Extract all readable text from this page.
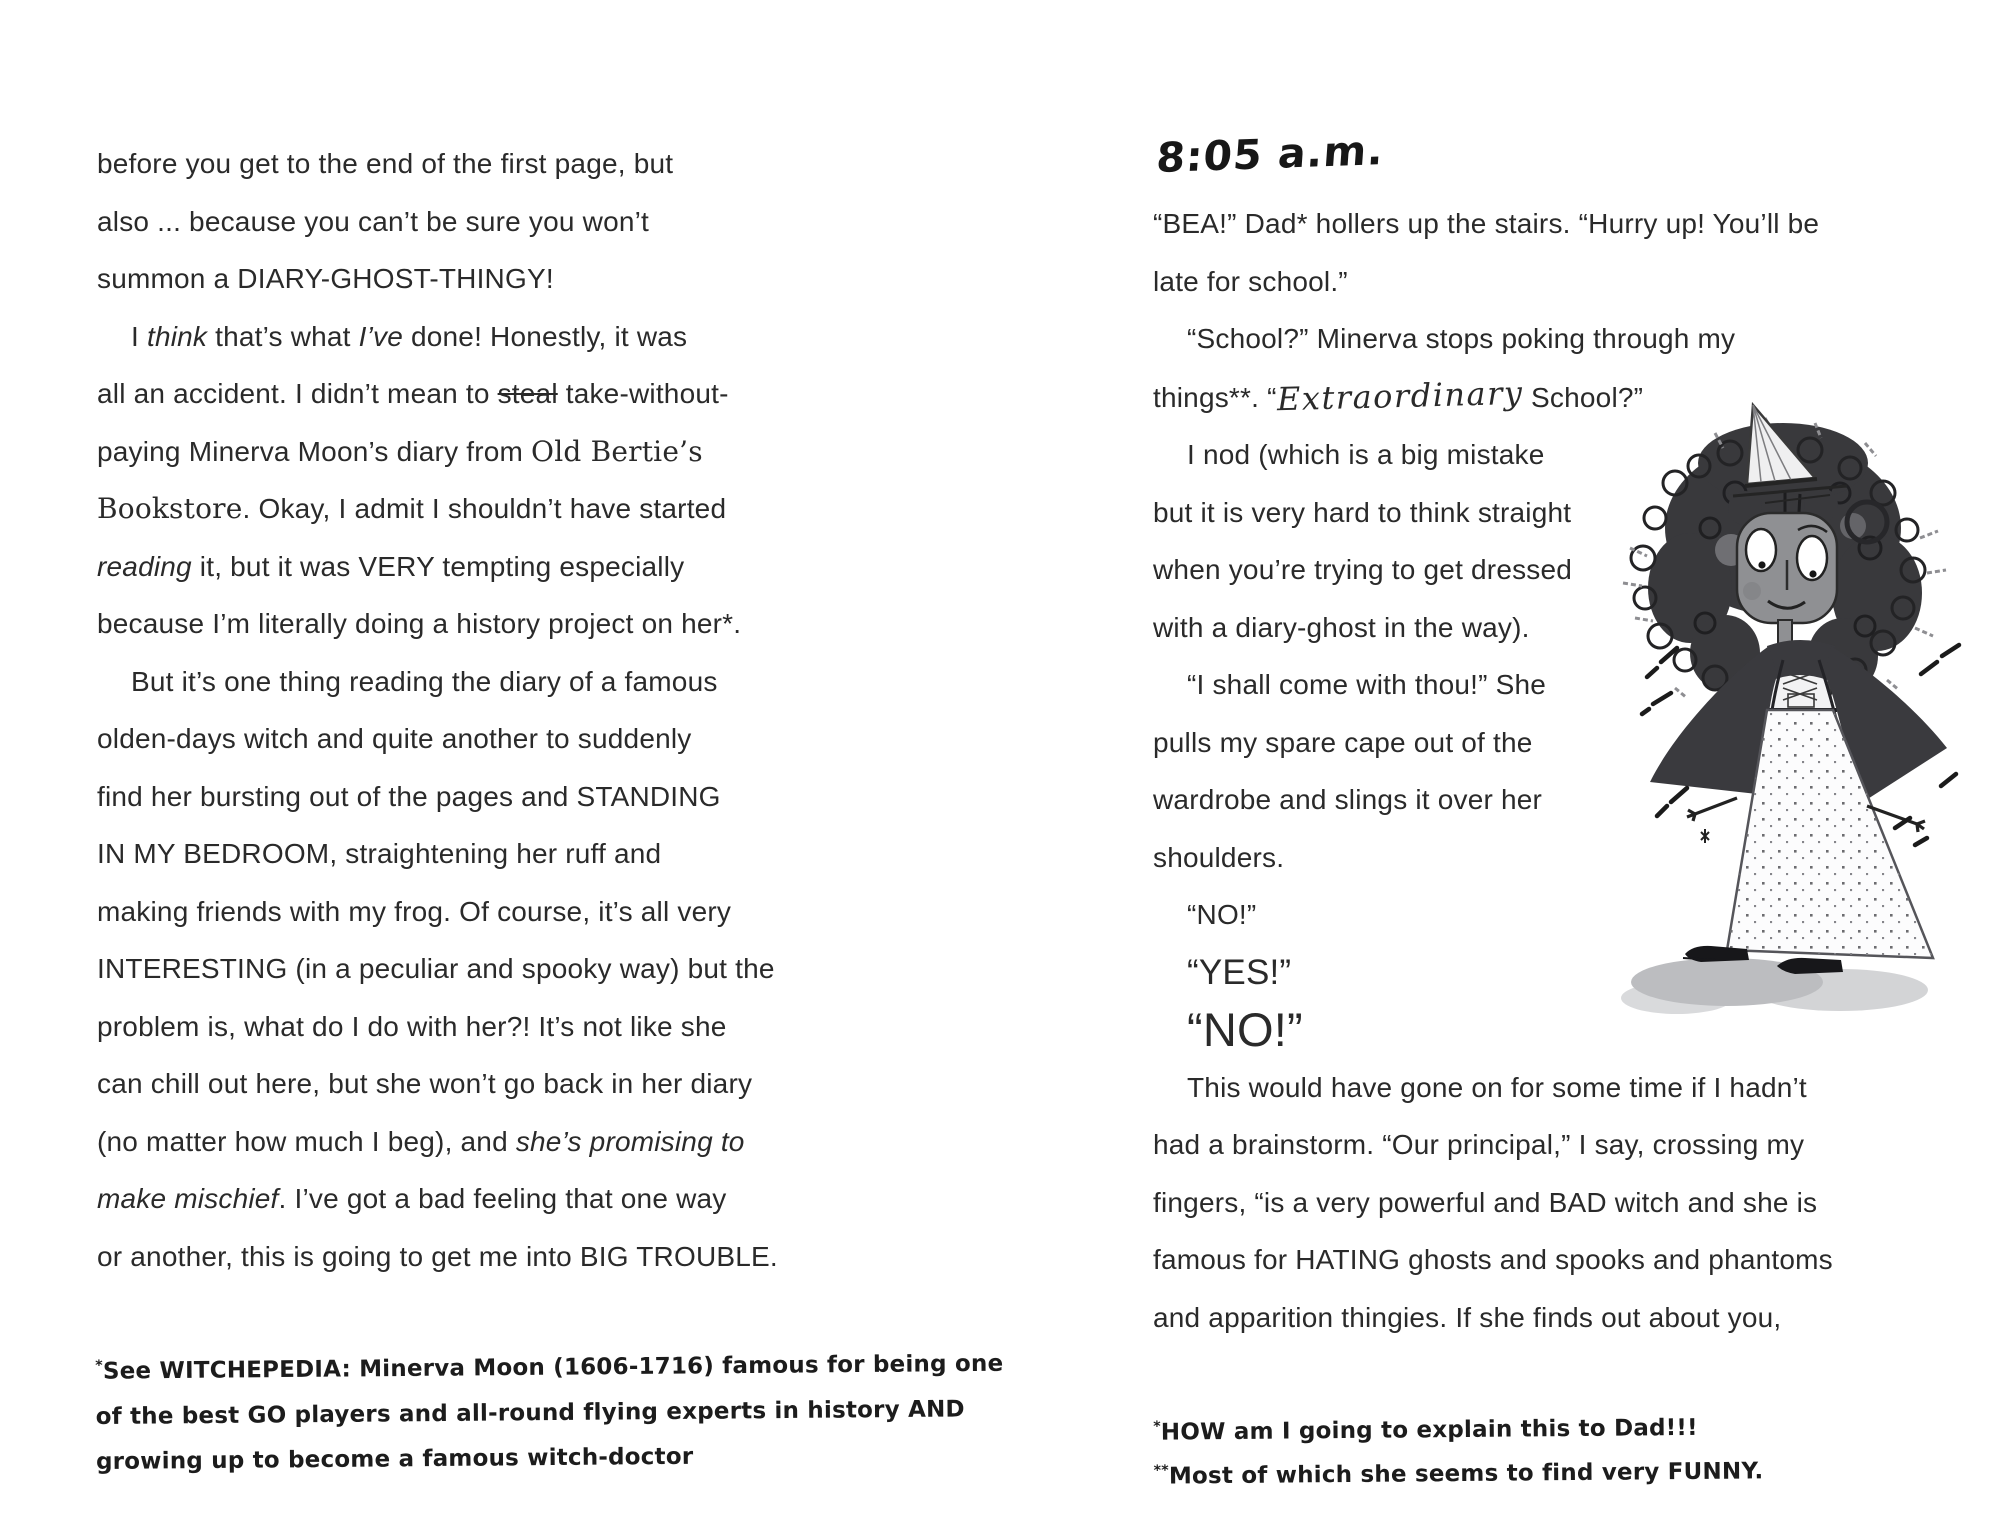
before you get to the end of the first page, but
also ... because you can’t be sure you won’t
summon a DIARY-GHOST-THINGY!
I think that’s what I’ve done! Honestly, it was
all an accident. I didn’t mean to steal take-without-
paying Minerva Moon’s diary from Old Bertie’s
Bookstore. Okay, I admit I shouldn’t have started
reading it, but it was VERY tempting especially
because I’m literally doing a history project on her*.
But it’s one thing reading the diary of a famous
olden-days witch and quite another to suddenly
find her bursting out of the pages and STANDING
IN MY BEDROOM, straightening her ruff and
making friends with my frog. Of course, it’s all very
INTERESTING (in a peculiar and spooky way) but the
problem is, what do I do with her?! It’s not like she
can chill out here, but she won’t go back in her diary
(no matter how much I beg), and she’s promising to
make mischief. I’ve got a bad feeling that one way
or another, this is going to get me into BIG TROUBLE.
*See WITCHEPEDIA: Minerva Moon (1606-1716) famous for being one
of the best GO players and all-round flying experts in history AND
growing up to become a famous witch-doctor
8:05 a.m.
“BEA!” Dad* hollers up the stairs. “Hurry up! You’ll be
late for school.”
“School?” Minerva stops poking through my
things**. “Extraordinary School?”
I nod (which is a big mistake
but it is very hard to think straight
when you’re trying to get dressed
with a diary-ghost in the way).
“I shall come with thou!” She
pulls my spare cape out of the
wardrobe and slings it over her
shoulders.
“NO!”
“YES!”
“NO!”
This would have gone on for some time if I hadn’t
had a brainstorm. “Our principal,” I say, crossing my
fingers, “is a very powerful and BAD witch and she is
famous for HATING ghosts and spooks and phantoms
and apparition thingies. If she finds out about you,
*HOW am I going to explain this to Dad!!!
**Most of which she seems to find very FUNNY.
